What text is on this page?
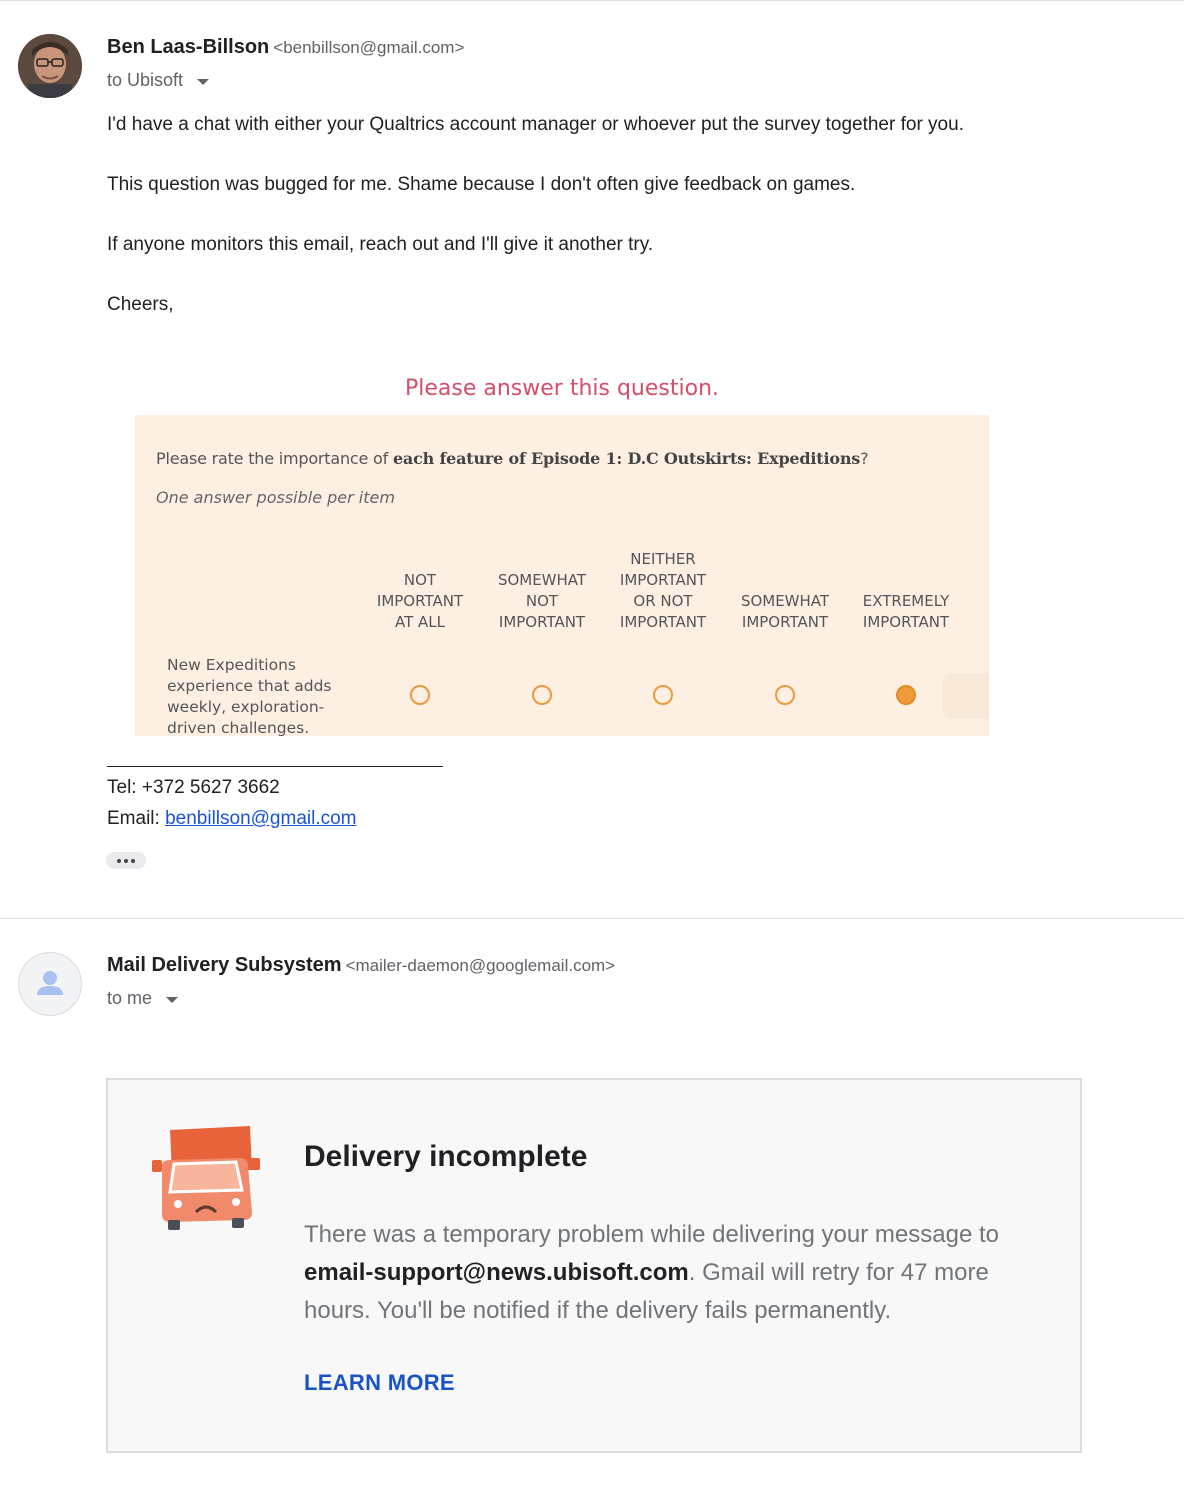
Ben Laas-Billson <benbillson@gmail.com>
to Ubisoft
I'd have a chat with either your Qualtrics account manager or whoever put the survey together for you.
This question was bugged for me. Shame because I don't often give feedback on games.
If anyone monitors this email, reach out and I'll give it another try.
Cheers,
Please answer this question.
Please rate the importance of each feature of Episode 1: D.C Outskirts: Expeditions?
One answer possible per item
NOT
IMPORTANT
AT ALL
SOMEWHAT
NOT
IMPORTANT
NEITHER
IMPORTANT
OR NOT
IMPORTANT
SOMEWHAT
IMPORTANT
EXTREMELY
IMPORTANT
New Expeditions experience that adds weekly, exploration-driven challenges.
Tel: +372 5627 3662
Email: benbillson@gmail.com
Mail Delivery Subsystem <mailer-daemon@googlemail.com>
to me
Delivery incomplete
There was a temporary problem while delivering your message to email-support@news.ubisoft.com. Gmail will retry for 47 more hours. You'll be notified if the delivery fails permanently.
LEARN MORE
